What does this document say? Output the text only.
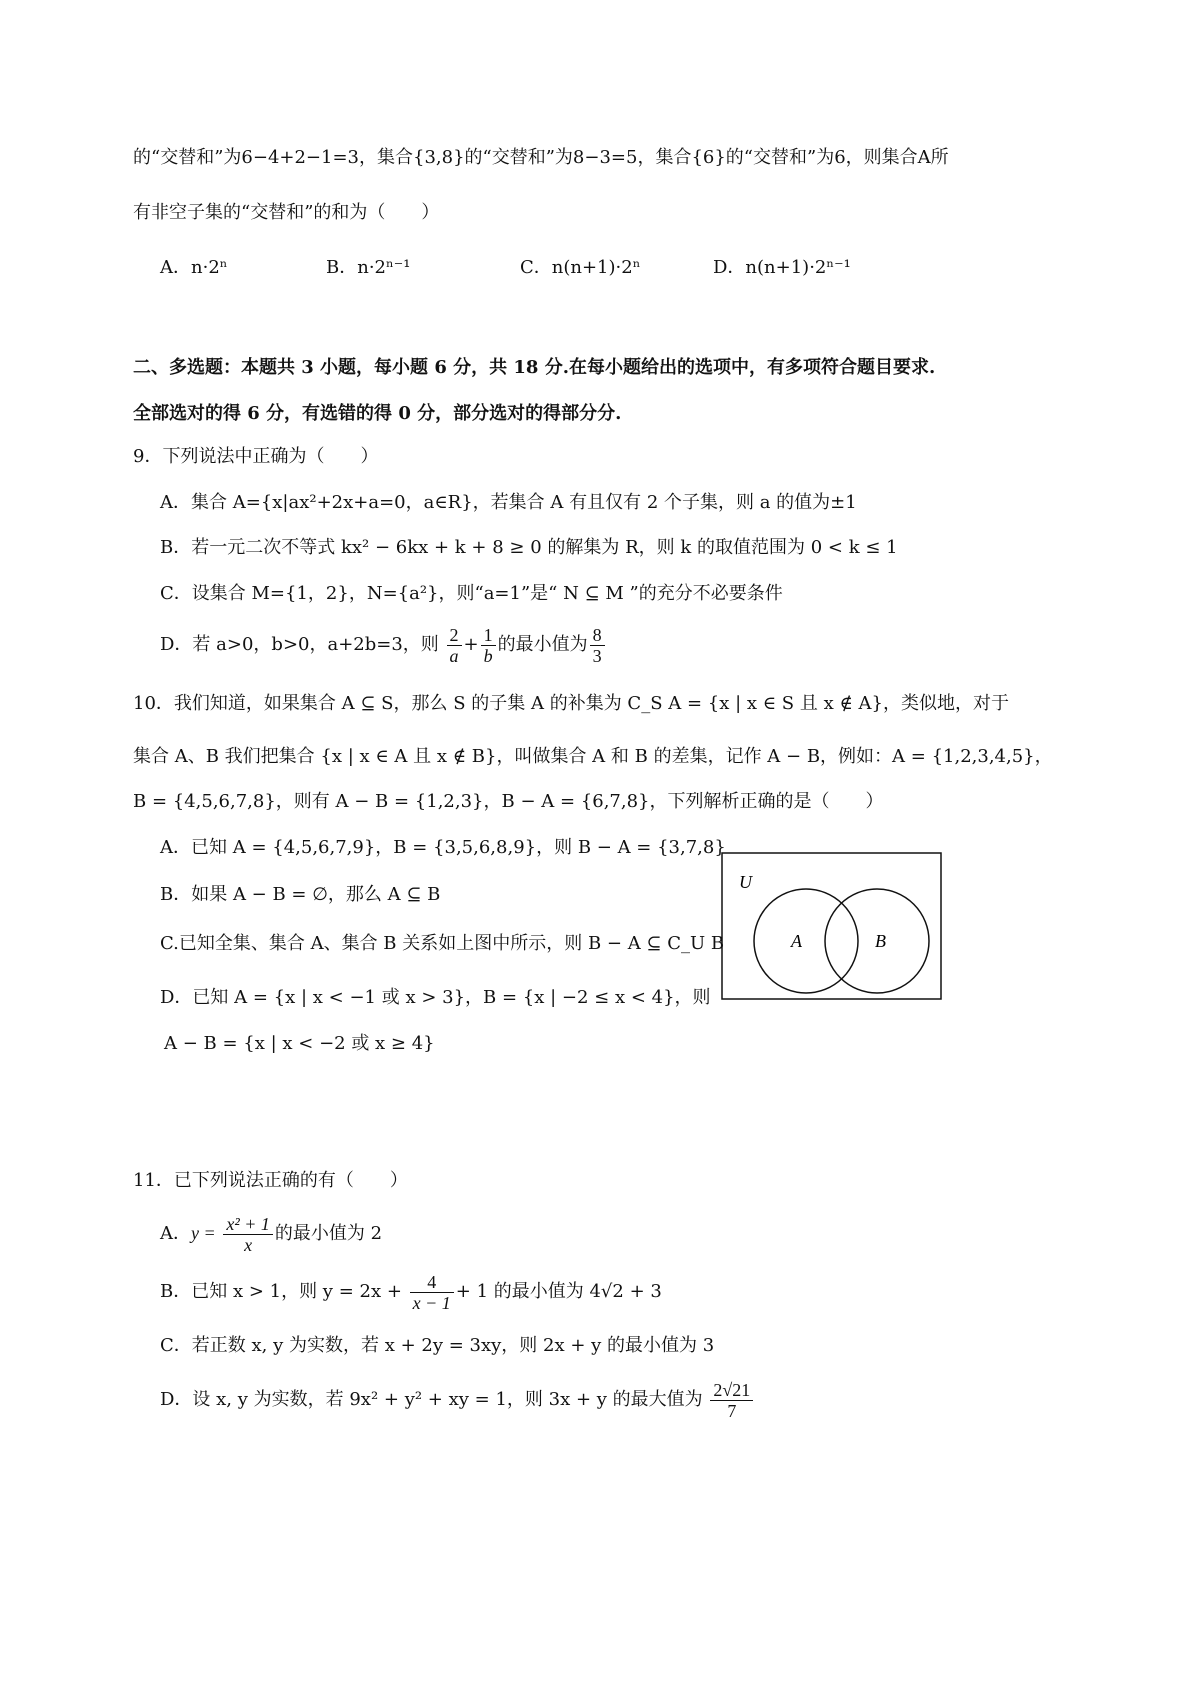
的“交替和”为6−4+2−1=3，集合{3,8}的“交替和”为8−3=5，集合{6}的“交替和”为6，则集合A所
有非空子集的“交替和”的和为（　　）
A．n·2ⁿ	B．n·2ⁿ⁻¹	C．n(n+1)·2ⁿ	D．n(n+1)·2ⁿ⁻¹
二、多选题：本题共 3 小题，每小题 6 分，共 18 分.在每小题给出的选项中，有多项符合题目要求.
全部选对的得 6 分，有选错的得 0 分，部分选对的得部分分.
9．下列说法中正确为（　　）
A．集合 A={x|ax²+2x+a=0，a∈R}，若集合 A 有且仅有 2 个子集，则 a 的值为±1
B．若一元二次不等式 kx² − 6kx + k + 8 ≥ 0 的解集为 R，则 k 的取值范围为 0 < k ≤ 1
C．设集合 M={1，2}，N={a²}，则“a=1”是“ N ⊆ M ”的充分不必要条件
D．若 a>0，b>0，a+2b=3，则 $\frac{2}{a} + \frac{1}{b}$ 的最小值为 $\frac{8}{3}$
10．我们知道，如果集合 A ⊆ S，那么 S 的子集 A 的补集为 C_S A = {x | x ∈ S 且 x ∉ A}，类似地，对于
集合 A、B 我们把集合 {x | x ∈ A 且 x ∉ B}，叫做集合 A 和 B 的差集，记作 A − B，例如：A = {1,2,3,4,5}，
B = {4,5,6,7,8}，则有 A − B = {1,2,3}，B − A = {6,7,8}，下列解析正确的是（　　）
A．已知 A = {4,5,6,7,9}，B = {3,5,6,8,9}，则 B − A = {3,7,8}
B．如果 A − B = ∅，那么 A ⊆ B
C.已知全集、集合 A、集合 B 关系如上图中所示，则 B − A ⊆ C_U B
D．已知 A = {x | x < −1 或 x > 3}，B = {x | −2 ≤ x < 4}，则
A − B = {x | x < −2 或 x ≥ 4}
U
A	B
11．已下列说法正确的有（　　）
A．$y = \frac{\text{x² + 1}}{x}$ 的最小值为 2
B．已知 x > 1，则 $y = 2x + \frac{4}{x - 1} + 1$ 的最小值为 4√2 + 3
C．若正数 x, y 为实数，若 x + 2y = 3xy，则 2x + y 的最小值为 3
D．设 x, y 为实数，若 9x² + y² + xy = 1，则 3x + y 的最大值为 $\frac{2√21}{7}$
